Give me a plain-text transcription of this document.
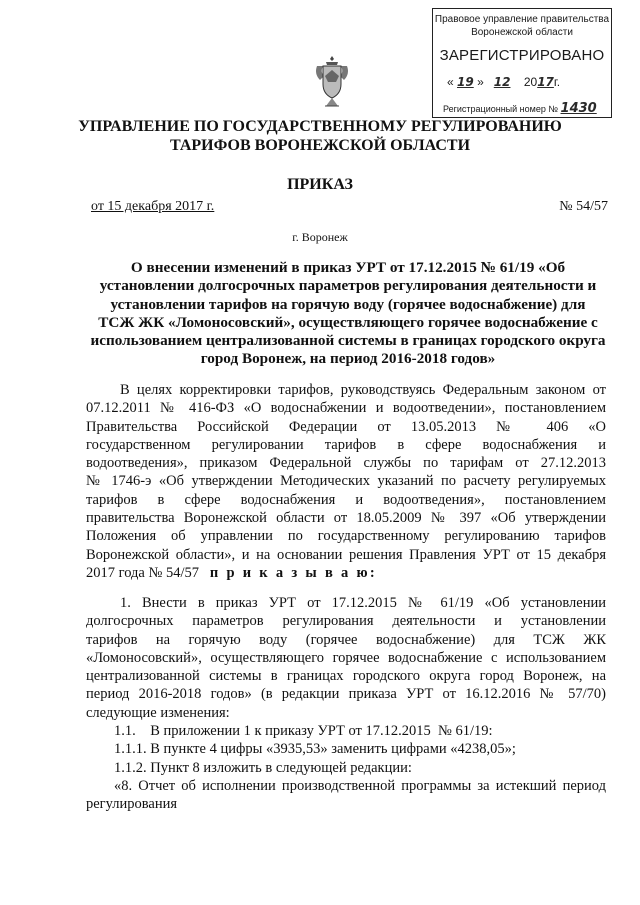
Правовое управление правительства
Воронежской области
ЗАРЕГИСТРИРОВАНО
« 19 » 12 2017г.
Регистрационный номер № 1430
УПРАВЛЕНИЕ ПО ГОСУДАРСТВЕННОМУ РЕГУЛИРОВАНИЮ
ТАРИФОВ ВОРОНЕЖСКОЙ ОБЛАСТИ
ПРИКАЗ
от 15 декабря 2017 г.	№ 54/57
г. Воронеж
О внесении изменений в приказ УРТ от 17.12.2015 № 61/19 «Об
установлении долгосрочных параметров регулирования деятельности и
установлении тарифов на горячую воду (горячее водоснабжение) для
ТСЖ ЖК «Ломоносовский», осуществляющего горячее водоснабжение с
использованием централизованной системы в границах городского округа
город Воронеж, на период 2016-2018 годов»
В целях корректировки тарифов, руководствуясь Федеральным законом от
07.12.2011 № 416-ФЗ «О водоснабжении и водоотведении», постановлением
Правительства Российской Федерации от 13.05.2013 № 406 «О
государственном регулировании тарифов в сфере водоснабжения и
водоотведения», приказом Федеральной службы по тарифам от 27.12.2013
№ 1746-э «Об утверждении Методических указаний по расчету регулируемых
тарифов в сфере водоснабжения и водоотведения», постановлением
правительства Воронежской области от 18.05.2009 № 397 «Об утверждении
Положения об управлении по государственному регулированию тарифов
Воронежской области», и на основании решения Правления УРТ от 15 декабря
2017 года № 54/57 п р и к а з ы в а ю:
1. Внести в приказ УРТ от 17.12.2015 № 61/19 «Об установлении
долгосрочных параметров регулирования деятельности и установлении
тарифов на горячую воду (горячее водоснабжение) для ТСЖ ЖК
«Ломоносовский», осуществляющего горячее водоснабжение с использованием
централизованной системы в границах городского округа город Воронеж, на
период 2016-2018 годов» (в редакции приказа УРТ от 16.12.2016 № 57/70)
следующие изменения:
1.1.    В приложении 1 к приказу УРТ от 17.12.2015  № 61/19:
1.1.1. В пункте 4 цифры «3935,53» заменить цифрами «4238,05»;
1.1.2. Пункт 8 изложить в следующей редакции:
«8. Отчет об исполнении производственной программы за истекший период
регулирования
